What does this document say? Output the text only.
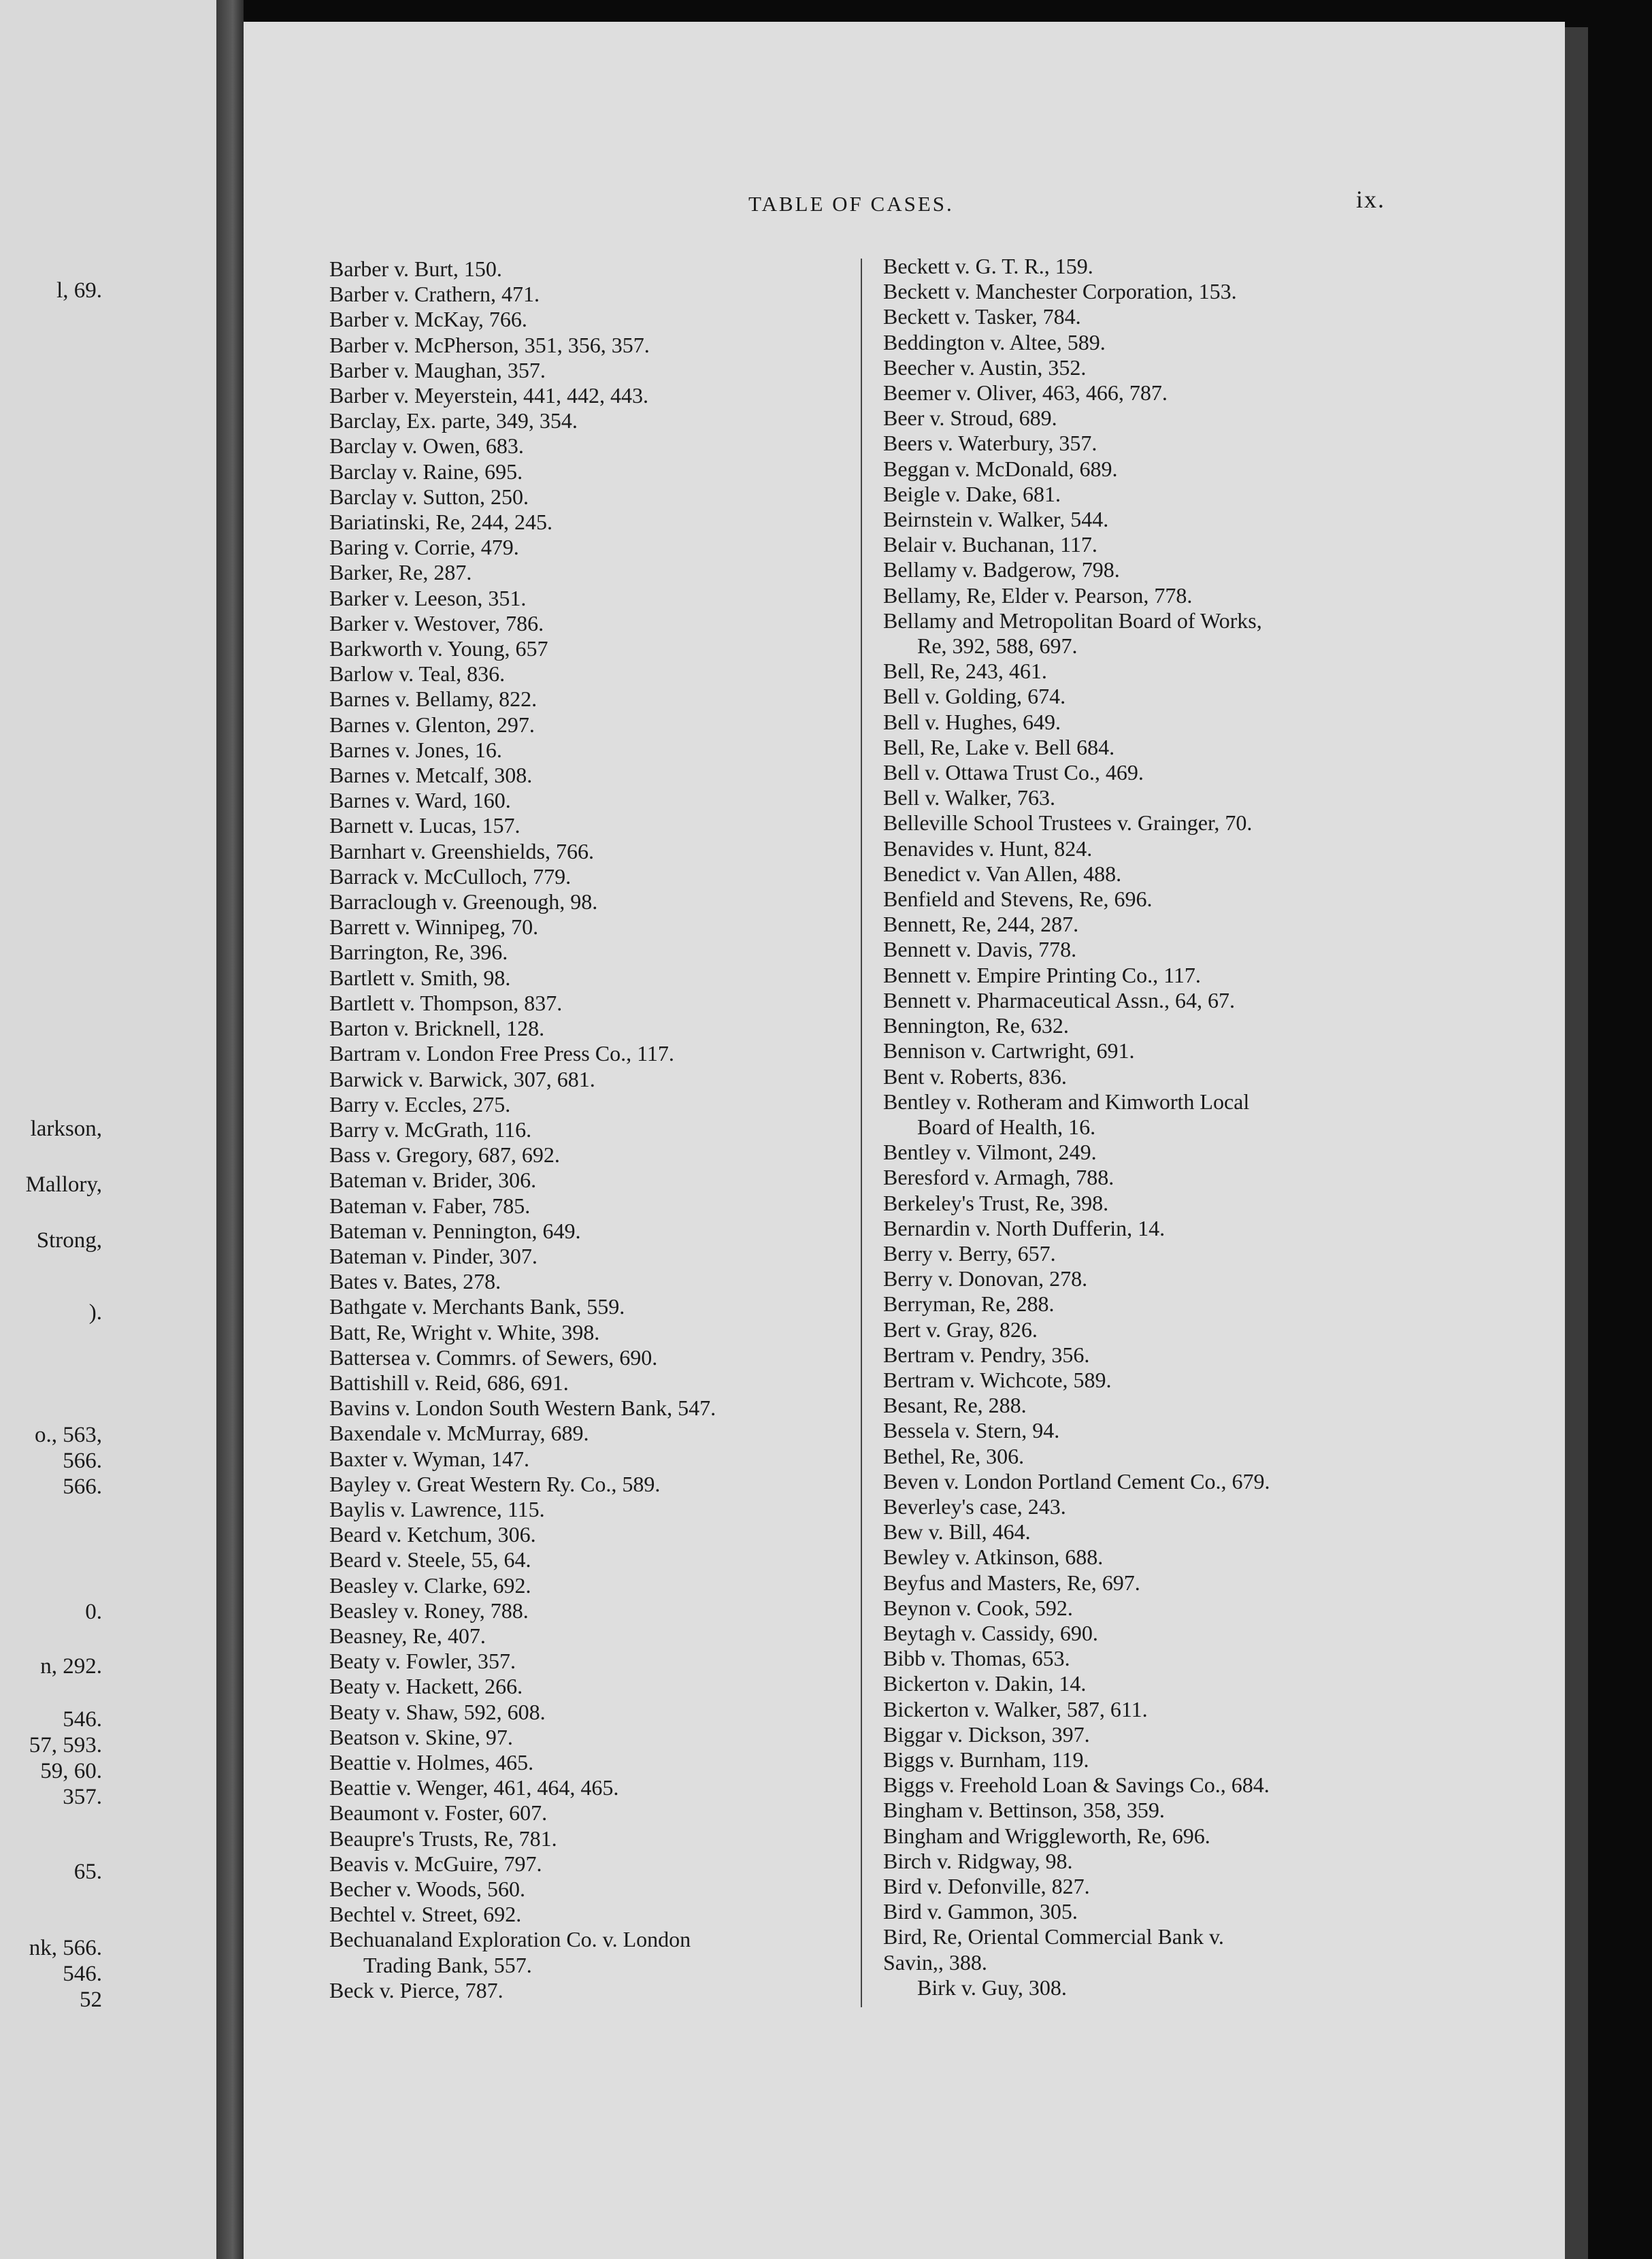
l, 69.
larkson,
Mallory,
Strong,
).
o., 563,
566.
566.
0.
n, 292.
546.
57, 593.
59, 60.
357.
65.
nk, 566.
546.
52
TABLE OF CASES.	ix.
Barber v. Burt, 150.
Barber v. Crathern, 471.
Barber v. McKay, 766.
Barber v. McPherson, 351, 356, 357.
Barber v. Maughan, 357.
Barber v. Meyerstein, 441, 442, 443.
Barclay, Ex. parte, 349, 354.
Barclay v. Owen, 683.
Barclay v. Raine, 695.
Barclay v. Sutton, 250.
Bariatinski, Re, 244, 245.
Baring v. Corrie, 479.
Barker, Re, 287.
Barker v. Leeson, 351.
Barker v. Westover, 786.
Barkworth v. Young, 657
Barlow v. Teal, 836.
Barnes v. Bellamy, 822.
Barnes v. Glenton, 297.
Barnes v. Jones, 16.
Barnes v. Metcalf, 308.
Barnes v. Ward, 160.
Barnett v. Lucas, 157.
Barnhart v. Greenshields, 766.
Barrack v. McCulloch, 779.
Barraclough v. Greenough, 98.
Barrett v. Winnipeg, 70.
Barrington, Re, 396.
Bartlett v. Smith, 98.
Bartlett v. Thompson, 837.
Barton v. Bricknell, 128.
Bartram v. London Free Press Co., 117.
Barwick v. Barwick, 307, 681.
Barry v. Eccles, 275.
Barry v. McGrath, 116.
Bass v. Gregory, 687, 692.
Bateman v. Brider, 306.
Bateman v. Faber, 785.
Bateman v. Pennington, 649.
Bateman v. Pinder, 307.
Bates v. Bates, 278.
Bathgate v. Merchants Bank, 559.
Batt, Re, Wright v. White, 398.
Battersea v. Commrs. of Sewers, 690.
Battishill v. Reid, 686, 691.
Bavins v. London South Western Bank, 547.
Baxendale v. McMurray, 689.
Baxter v. Wyman, 147.
Bayley v. Great Western Ry. Co., 589.
Baylis v. Lawrence, 115.
Beard v. Ketchum, 306.
Beard v. Steele, 55, 64.
Beasley v. Clarke, 692.
Beasley v. Roney, 788.
Beasney, Re, 407.
Beaty v. Fowler, 357.
Beaty v. Hackett, 266.
Beaty v. Shaw, 592, 608.
Beatson v. Skine, 97.
Beattie v. Holmes, 465.
Beattie v. Wenger, 461, 464, 465.
Beaumont v. Foster, 607.
Beaupre's Trusts, Re, 781.
Beavis v. McGuire, 797.
Becher v. Woods, 560.
Bechtel v. Street, 692.
Bechuanaland Exploration Co. v. London
Trading Bank, 557.
Beck v. Pierce, 787.
Beckett v. G. T. R., 159.
Beckett v. Manchester Corporation, 153.
Beckett v. Tasker, 784.
Beddington v. Altee, 589.
Beecher v. Austin, 352.
Beemer v. Oliver, 463, 466, 787.
Beer v. Stroud, 689.
Beers v. Waterbury, 357.
Beggan v. McDonald, 689.
Beigle v. Dake, 681.
Beirnstein v. Walker, 544.
Belair v. Buchanan, 117.
Bellamy v. Badgerow, 798.
Bellamy, Re, Elder v. Pearson, 778.
Bellamy and Metropolitan Board of Works,
Re, 392, 588, 697.
Bell, Re, 243, 461.
Bell v. Golding, 674.
Bell v. Hughes, 649.
Bell, Re, Lake v. Bell 684.
Bell v. Ottawa Trust Co., 469.
Bell v. Walker, 763.
Belleville School Trustees v. Grainger, 70.
Benavides v. Hunt, 824.
Benedict v. Van Allen, 488.
Benfield and Stevens, Re, 696.
Bennett, Re, 244, 287.
Bennett v. Davis, 778.
Bennett v. Empire Printing Co., 117.
Bennett v. Pharmaceutical Assn., 64, 67.
Bennington, Re, 632.
Bennison v. Cartwright, 691.
Bent v. Roberts, 836.
Bentley v. Rotheram and Kimworth Local
Board of Health, 16.
Bentley v. Vilmont, 249.
Beresford v. Armagh, 788.
Berkeley's Trust, Re, 398.
Bernardin v. North Dufferin, 14.
Berry v. Berry, 657.
Berry v. Donovan, 278.
Berryman, Re, 288.
Bert v. Gray, 826.
Bertram v. Pendry, 356.
Bertram v. Wichcote, 589.
Besant, Re, 288.
Bessela v. Stern, 94.
Bethel, Re, 306.
Beven v. London Portland Cement Co., 679.
Beverley's case, 243.
Bew v. Bill, 464.
Bewley v. Atkinson, 688.
Beyfus and Masters, Re, 697.
Beynon v. Cook, 592.
Beytagh v. Cassidy, 690.
Bibb v. Thomas, 653.
Bickerton v. Dakin, 14.
Bickerton v. Walker, 587, 611.
Biggar v. Dickson, 397.
Biggs v. Burnham, 119.
Biggs v. Freehold Loan & Savings Co., 684.
Bingham v. Bettinson, 358, 359.
Bingham and Wriggleworth, Re, 696.
Birch v. Ridgway, 98.
Bird v. Defonville, 827.
Bird v. Gammon, 305.
Bird, Re, Oriental Commercial Bank v.
Savin,, 388.
Birk v. Guy, 308.
